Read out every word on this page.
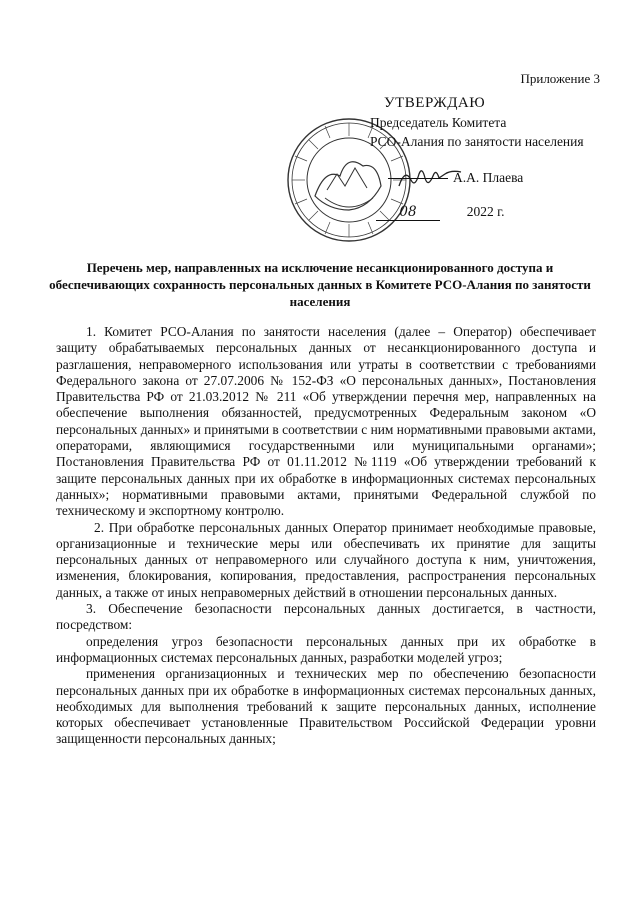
Приложение 3
УТВЕРЖДАЮ
Председатель Комитета
РСО-Алания по занятости населения
А.А. Плаева
08	2022 г.
Перечень мер, направленных на исключение несанкционированного доступа и обеспечивающих сохранность персональных данных в Комитете РСО-Алания по занятости населения

1. Комитет РСО-Алания по занятости населения (далее – Оператор) обеспечивает защиту обрабатываемых персональных данных от несанкционированного доступа и разглашения, неправомерного использования или утраты в соответствии с требованиями Федерального закона от 27.07.2006 № 152-ФЗ «О персональных данных», Постановления Правительства РФ от 21.03.2012 № 211 «Об утверждении перечня мер, направленных на обеспечение выполнения обязанностей, предусмотренных Федеральным законом «О персональных данных» и принятыми в соответствии с ним нормативными правовыми актами, операторами, являющимися государственными или муниципальными органами»; Постановления Правительства РФ от 01.11.2012 №1119 «Об утверждении требований к защите персональных данных при их обработке в информационных системах персональных данных»; нормативными правовыми актами, принятыми Федеральной службой по техническому и экспортному контролю.

2. При обработке персональных данных Оператор принимает необходимые правовые, организационные и технические меры или обеспечивать их принятие для защиты персональных данных от неправомерного или случайного доступа к ним, уничтожения, изменения, блокирования, копирования, предоставления, распространения персональных данных, а также от иных неправомерных действий в отношении персональных данных.

3. Обеспечение безопасности персональных данных достигается, в частности, посредством:

определения угроз безопасности персональных данных при их обработке в информационных системах персональных данных, разработки моделей угроз;

применения организационных и технических мер по обеспечению безопасности персональных данных при их обработке в информационных системах персональных данных, необходимых для выполнения требований к защите персональных данных, исполнение которых обеспечивает установленные Правительством Российской Федерации уровни защищенности персональных данных;
